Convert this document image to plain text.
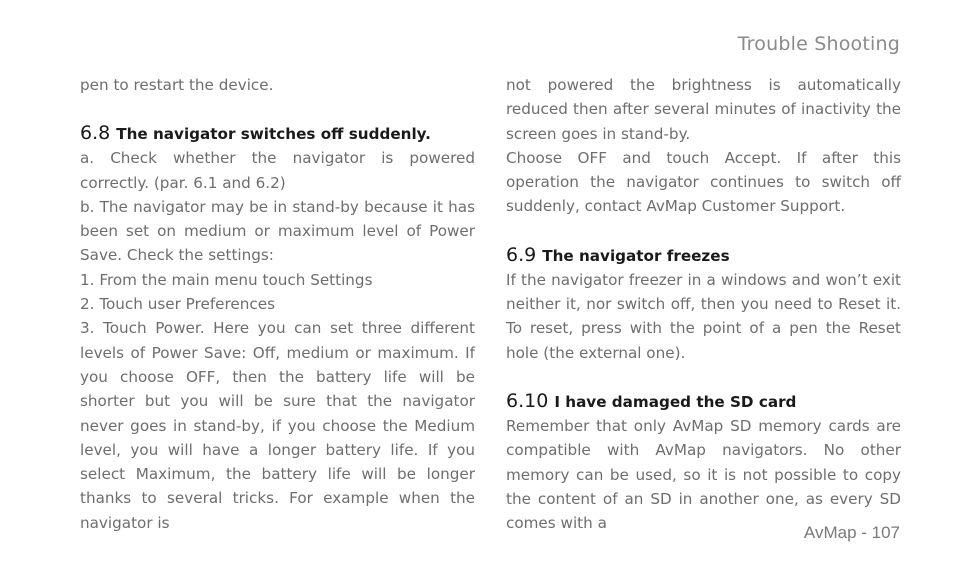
Trouble Shooting
pen to restart the device.
6.8 The navigator switches off suddenly.
a. Check whether the navigator is powered correctly. (par. 6.1 and 6.2)
b. The navigator may be in stand-by because it has been set on medium or maximum level of Power Save. Check the settings:
1. From the main menu touch Settings
2. Touch user Preferences
3. Touch Power. Here you can set three different levels of Power Save: Off, medium or maximum. If you choose OFF, then the battery life will be shorter but you will be sure that the navigator never goes in stand-by, if you choose the Medium level, you will have a longer battery life. If you select Maximum, the battery life will be longer thanks to several tricks. For example when the navigator is
not powered the brightness is automatically reduced then after several minutes of inactivity the screen goes in stand-by.
Choose OFF and touch Accept. If after this operation the navigator continues to switch off suddenly, contact AvMap Customer Support.
6.9 The navigator freezes
If the navigator freezer in a windows and won’t exit neither it, nor switch off, then you need to Reset it. To reset, press with the point of a pen the Reset hole (the external one).
6.10 I have damaged the SD card
Remember that only AvMap SD memory cards are compatible with AvMap navigators. No other memory can be used, so it is not possible to copy the content of an SD in another one, as every SD comes with a	AvMap - 107
